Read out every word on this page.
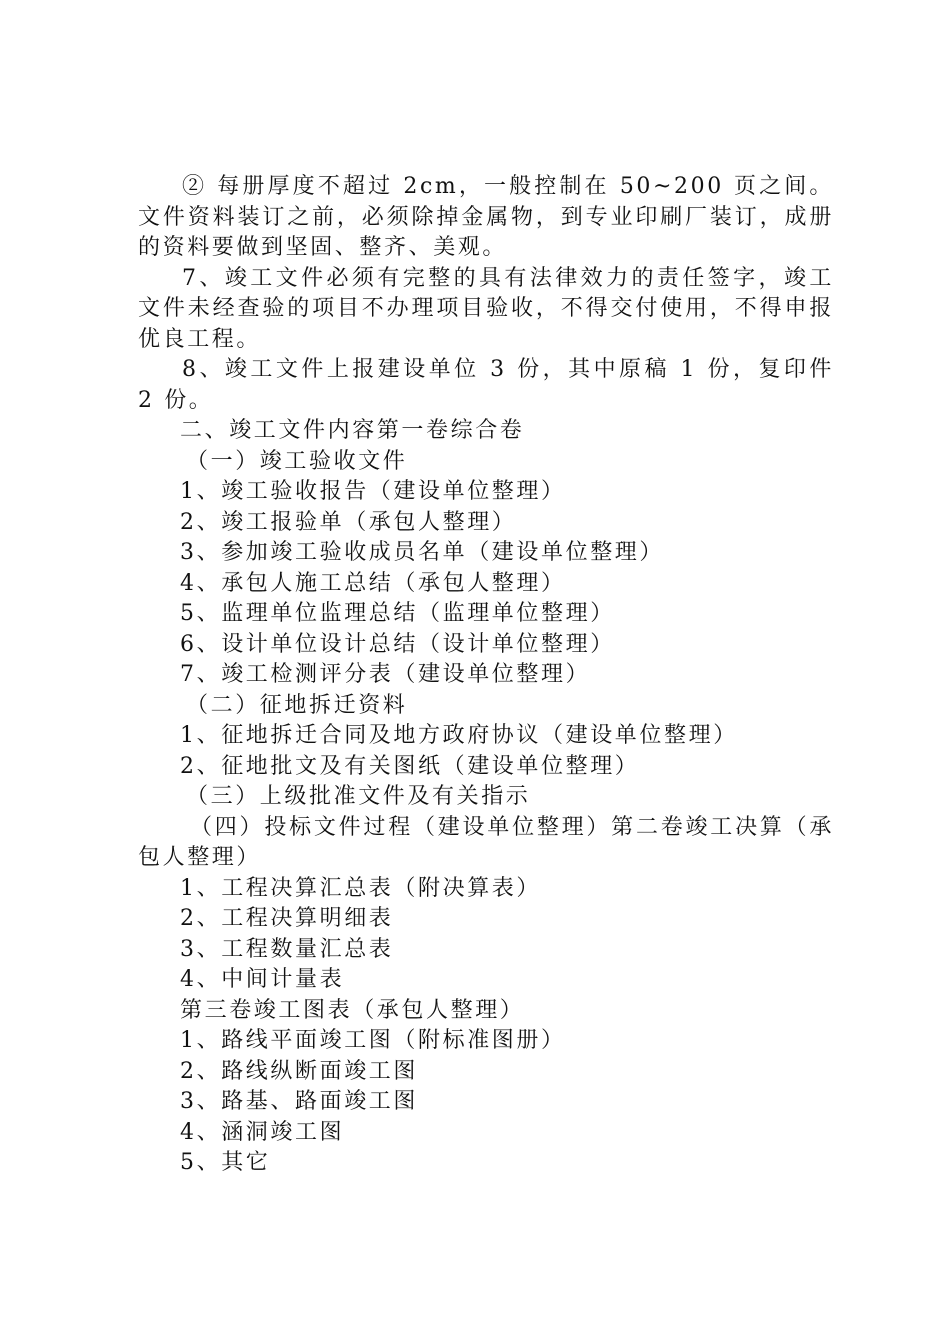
② 每册厚度不超过 2cm，一般控制在 50~200 页之间。文件资料装订之前，必须除掉金属物，到专业印刷厂装订，成册的资料要做到坚固、整齐、美观。

7、竣工文件必须有完整的具有法律效力的责任签字，竣工文件未经查验的项目不办理项目验收，不得交付使用，不得申报优良工程。

8、竣工文件上报建设单位 3 份，其中原稿 1 份，复印件 2 份。

二、竣工文件内容第一卷综合卷

（一）竣工验收文件

1、竣工验收报告（建设单位整理）

2、竣工报验单（承包人整理）

3、参加竣工验收成员名单（建设单位整理）

4、承包人施工总结（承包人整理）

5、监理单位监理总结（监理单位整理）

6、设计单位设计总结（设计单位整理）

7、竣工检测评分表（建设单位整理）

（二）征地拆迁资料

1、征地拆迁合同及地方政府协议（建设单位整理）

2、征地批文及有关图纸（建设单位整理）

（三）上级批准文件及有关指示

（四）投标文件过程（建设单位整理）第二卷竣工决算（承包人整理）

1、工程决算汇总表（附决算表）

2、工程决算明细表

3、工程数量汇总表

4、中间计量表

第三卷竣工图表（承包人整理）

1、路线平面竣工图（附标准图册）

2、路线纵断面竣工图

3、路基、路面竣工图

4、涵洞竣工图

5、其它
